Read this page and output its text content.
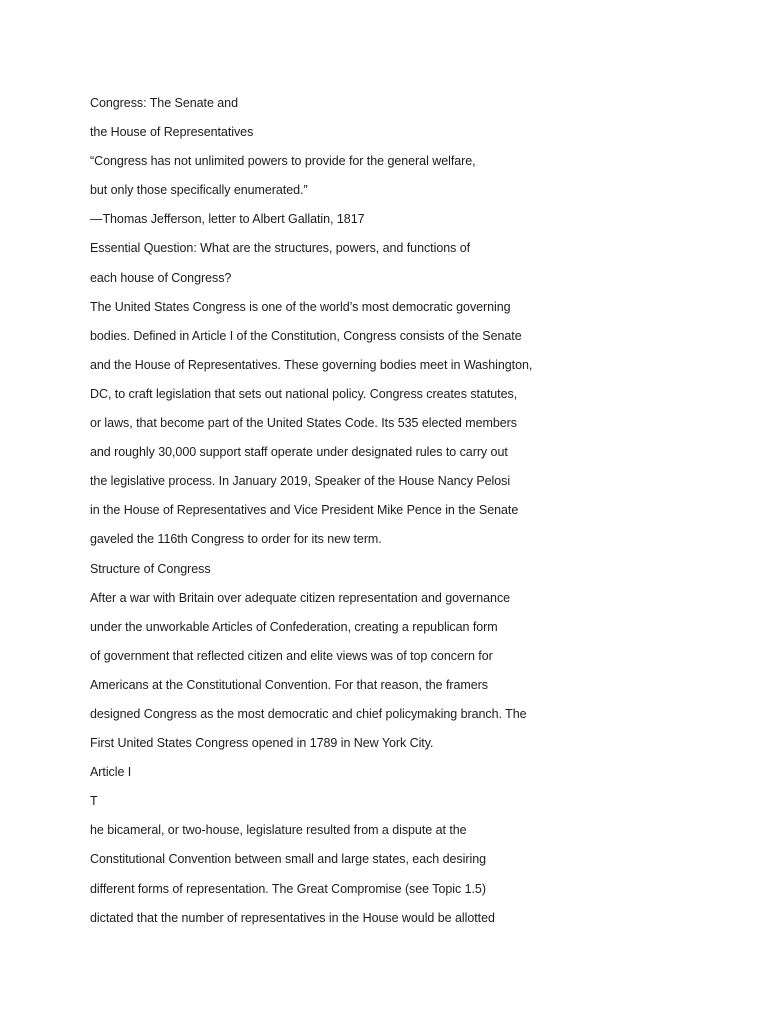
Congress: The Senate and

the House of Representatives

“Congress has not unlimited powers to provide for the general welfare,

but only those specifically enumerated.”

—Thomas Jefferson, letter to Albert Gallatin, 1817

Essential Question: What are the structures, powers, and functions of

each house of Congress?

The United States Congress is one of the world’s most democratic governing

bodies. Defined in Article I of the Constitution, Congress consists of the Senate

and the House of Representatives. These governing bodies meet in Washington,

DC, to craft legislation that sets out national policy. Congress creates statutes,

or laws, that become part of the United States Code. Its 535 elected members

and roughly 30,000 support staff operate under designated rules to carry out

the legislative process. In January 2019, Speaker of the House Nancy Pelosi

in the House of Representatives and Vice President Mike Pence in the Senate

gaveled the 116th Congress to order for its new term.

Structure of Congress

After a war with Britain over adequate citizen representation and governance

under the unworkable Articles of Confederation, creating a republican form

of government that reflected citizen and elite views was of top concern for

Americans at the Constitutional Convention. For that reason, the framers

designed Congress as the most democratic and chief policymaking branch. The

First United States Congress opened in 1789 in New York City.

Article I

T

he bicameral, or two-house, legislature resulted from a dispute at the

Constitutional Convention between small and large states, each desiring

different forms of representation. The Great Compromise (see Topic 1.5)

dictated that the number of representatives in the House would be allotted
